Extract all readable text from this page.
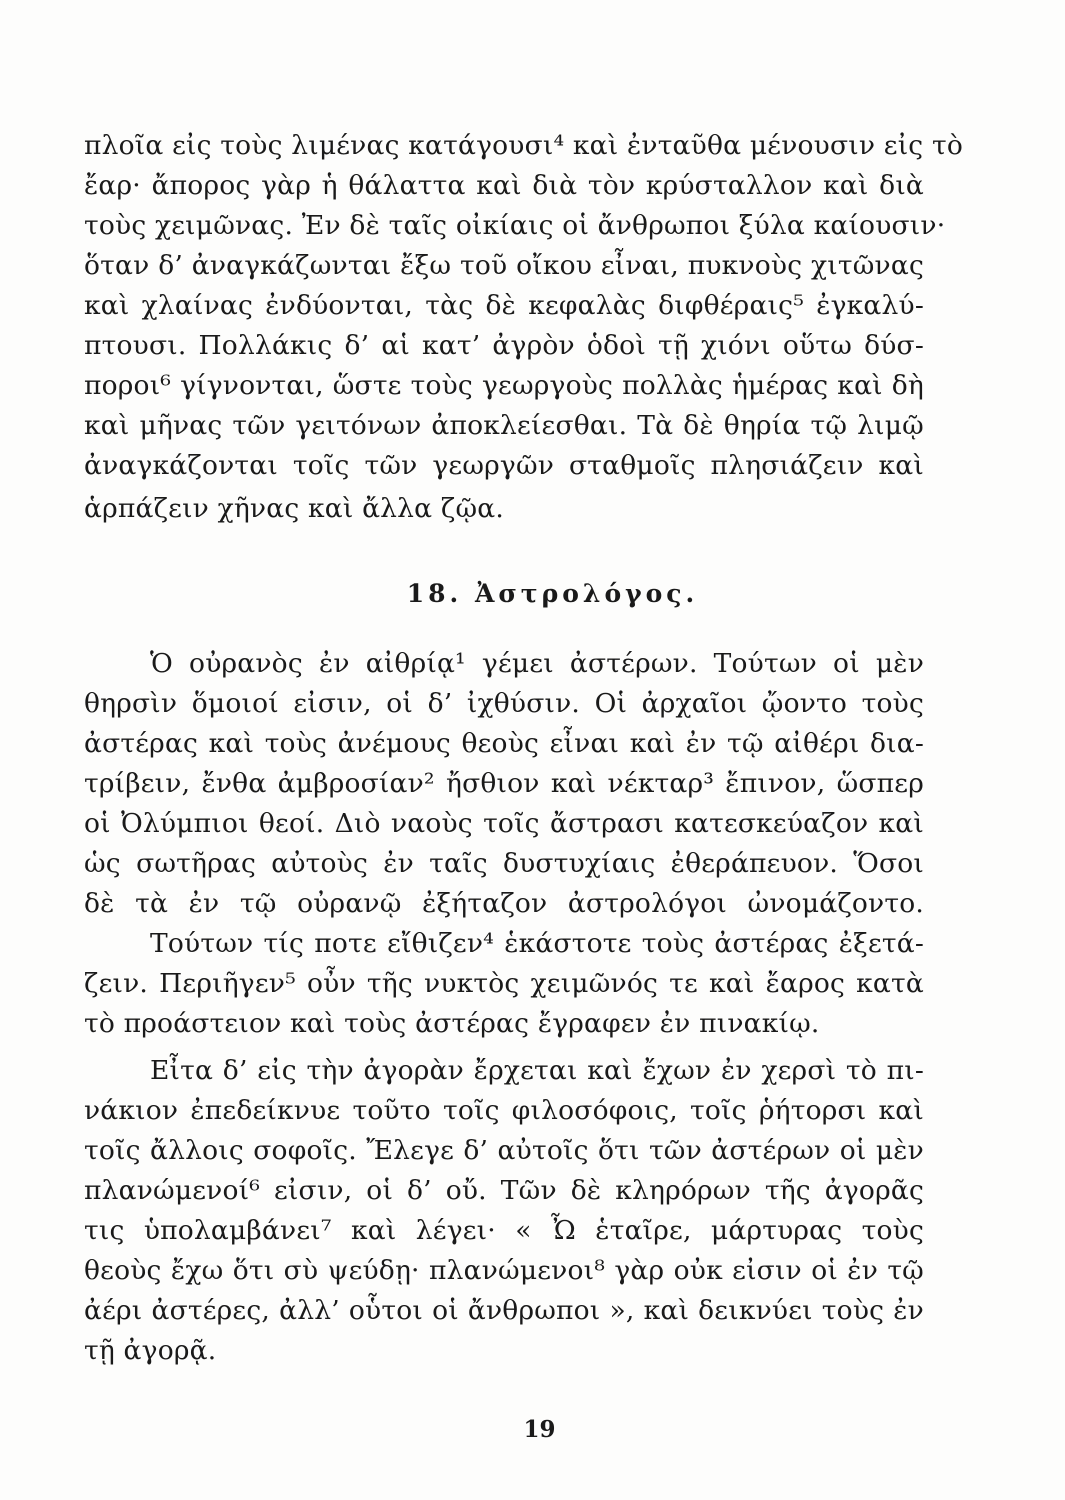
πλοῖα εἰς τοὺς λιμένας κατάγουσι⁴ καὶ ἐνταῦθα μένουσιν εἰς τὸ
ἔαρ· ἄπορος γὰρ ἡ θάλαττα καὶ διὰ τὸν κρύσταλλον καὶ διὰ
τοὺς χειμῶνας. Ἐν δὲ ταῖς οἰκίαις οἱ ἄνθρωποι ξύλα καίουσιν·
ὅταν δ’ ἀναγκάζωνται ἔξω τοῦ οἴκου εἶναι, πυκνοὺς χιτῶνας
καὶ χλαίνας ἐνδύονται, τὰς δὲ κεφαλὰς διφθέραις⁵ ἐγκαλύ-
πτουσι. Πολλάκις δ’ αἱ κατ’ ἀγρὸν ὁδοὶ τῇ χιόνι οὕτω δύσ-
ποροι⁶ γίγνονται, ὥστε τοὺς γεωργοὺς πολλὰς ἡμέρας καὶ δὴ
καὶ μῆνας τῶν γειτόνων ἀποκλείεσθαι. Τὰ δὲ θηρία τῷ λιμῷ
ἀναγκάζονται τοῖς τῶν γεωργῶν σταθμοῖς πλησιάζειν καὶ
ἁρπάζειν χῆνας καὶ ἄλλα ζῷα.
18. Ἀστρολόγος.
Ὁ οὐρανὸς ἐν αἰθρίᾳ¹ γέμει ἀστέρων. Τούτων οἱ μὲν
θηρσὶν ὅμοιοί εἰσιν, οἱ δ’ ἰχθύσιν. Οἱ ἀρχαῖοι ᾤοντο τοὺς
ἀστέρας καὶ τοὺς ἀνέμους θεοὺς εἶναι καὶ ἐν τῷ αἰθέρι δια-
τρίβειν, ἔνθα ἀμβροσίαν² ἤσθιον καὶ νέκταρ³ ἔπινον, ὥσπερ
οἱ Ὀλύμπιοι θεοί. Διὸ ναοὺς τοῖς ἄστρασι κατεσκεύαζον καὶ
ὡς σωτῆρας αὐτοὺς ἐν ταῖς δυστυχίαις ἐθεράπευον. Ὅσοι
δὲ τὰ ἐν τῷ οὐρανῷ ἐξήταζον ἀστρολόγοι ὠνομάζοντο.
Τούτων τίς ποτε εἴθιζεν⁴ ἑκάστοτε τοὺς ἀστέρας ἐξετά-
ζειν. Περιῆγεν⁵ οὖν τῆς νυκτὸς χειμῶνός τε καὶ ἔαρος κατὰ
τὸ προάστειον καὶ τοὺς ἀστέρας ἔγραφεν ἐν πινακίῳ.
Εἶτα δ’ εἰς τὴν ἀγορὰν ἔρχεται καὶ ἔχων ἐν χερσὶ τὸ πι-
νάκιον ἐπεδείκνυε τοῦτο τοῖς φιλοσόφοις, τοῖς ῥήτορσι καὶ
τοῖς ἄλλοις σοφοῖς. Ἔλεγε δ’ αὐτοῖς ὅτι τῶν ἀστέρων οἱ μὲν
πλανώμενοί⁶ εἰσιν, οἱ δ’ οὔ. Τῶν δὲ κληρόρων τῆς ἀγορᾶς
τις ὑπολαμβάνει⁷ καὶ λέγει· « Ὦ ἑταῖρε, μάρτυρας τοὺς
θεοὺς ἔχω ὅτι σὺ ψεύδῃ· πλανώμενοι⁸ γὰρ οὐκ εἰσιν οἱ ἐν τῷ
ἀέρι ἀστέρες, ἀλλ’ οὗτοι οἱ ἄνθρωποι », καὶ δεικνύει τοὺς ἐν
τῇ ἀγορᾷ.
19
